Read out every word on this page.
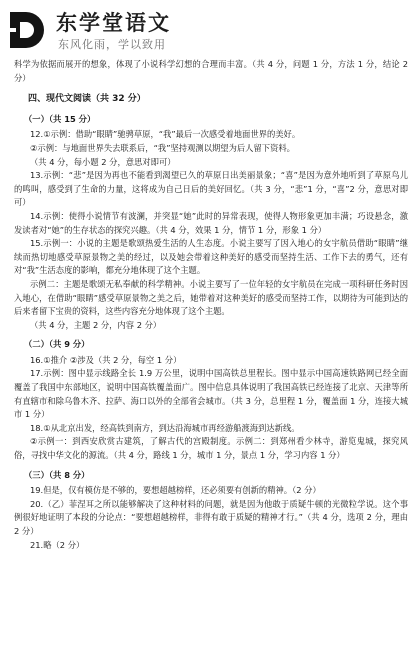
东学堂语文
东风化雨，学以致用

科学为依据而展开的想象，体现了小说科学幻想的合理而丰富。（共 4 分，问题 1 分，方法 1 分，结论 2 分）

四、现代文阅读（共 32 分）

（一）（共 15 分）

12.①示例：借助“眼睛”驰骋草原，“我”最后一次感受着地面世界的美好。

②示例：与地面世界失去联系后，“我”坚持观测以期望为后人留下资料。

（共 4 分，每小题 2 分，意思对即可）

13.示例：“悲”是因为再也不能看到渴望已久的草原日出美丽景象；“喜”是因为意外地听到了草原鸟儿的鸣叫，感受到了生命的力量，这将成为自己日后的美好回忆。（共 3 分，“悲”1 分，“喜”2 分，意思对即可）

14.示例：使得小说情节有波澜，并突显“她”此时的异常表现，使得人物形象更加丰满；巧设悬念，激发读者对“她”的生存状态的探究兴趣。（共 4 分，效果 1 分，情节 1 分，形象 1 分）

15.示例一：小说的主题是歌颂热爱生活的人生态度。小说主要写了因入地心的女宇航员借助“眼睛”继续而热切地感受草原景物之美的经过，以及她会带着这种美好的感受而坚持生活、工作下去的勇气，还有对“我”生活态度的影响，都充分地体现了这个主题。

示例二：主题是歌颂无私奉献的科学精神。小说主要写了一位年轻的女宇航员在完成一项科研任务时因入地心，在借助“眼睛”感受草原景物之美之后，她带着对这种美好的感受而坚持工作，以期待为可能到达的后来者留下宝贵的资料，这些内容充分地体现了这个主题。

（共 4 分，主题 2 分，内容 2 分）

（二）（共 9 分）

16.①推介 ②涉及（共 2 分，每空 1 分）

17.示例：图中显示线路全长 1.9 万公里，说明中国高铁总里程长。图中显示中国高速铁路网已经全面覆盖了我国中东部地区，说明中国高铁覆盖面广。图中信息具体说明了我国高铁已经连接了北京、天津等所有直辖市和除乌鲁木齐、拉萨、海口以外的全部省会城市。（共 3 分，总里程 1 分，覆盖面 1 分，连接大城市 1 分）

18.①从北京出发，经高铁到南方，到达沿海城市再经游船渡海到达新线。

②示例一：到西安欣赏古建筑，了解古代的宫殿制度。示例二：到郑州看少林寺，游览鬼城，探究风俗，寻找中华文化的源流。（共 4 分，路线 1 分，城市 1 分，景点 1 分，学习内容 1 分）

（三）（共 8 分）

19.但是，仅有模仿是不够的，要想超越榜样，还必须要有创新的精神。（2 分）

20.（乙）菲涅耳之所以能够解决了这种材料的问题，就是因为他敢于质疑牛顿的光微粒学说。这个事例很好地证明了本段的分论点：“要想超越榜样，非得有敢于质疑的精神才行。”（共 4 分，选项 2 分，理由 2 分）

21.略（2 分）
